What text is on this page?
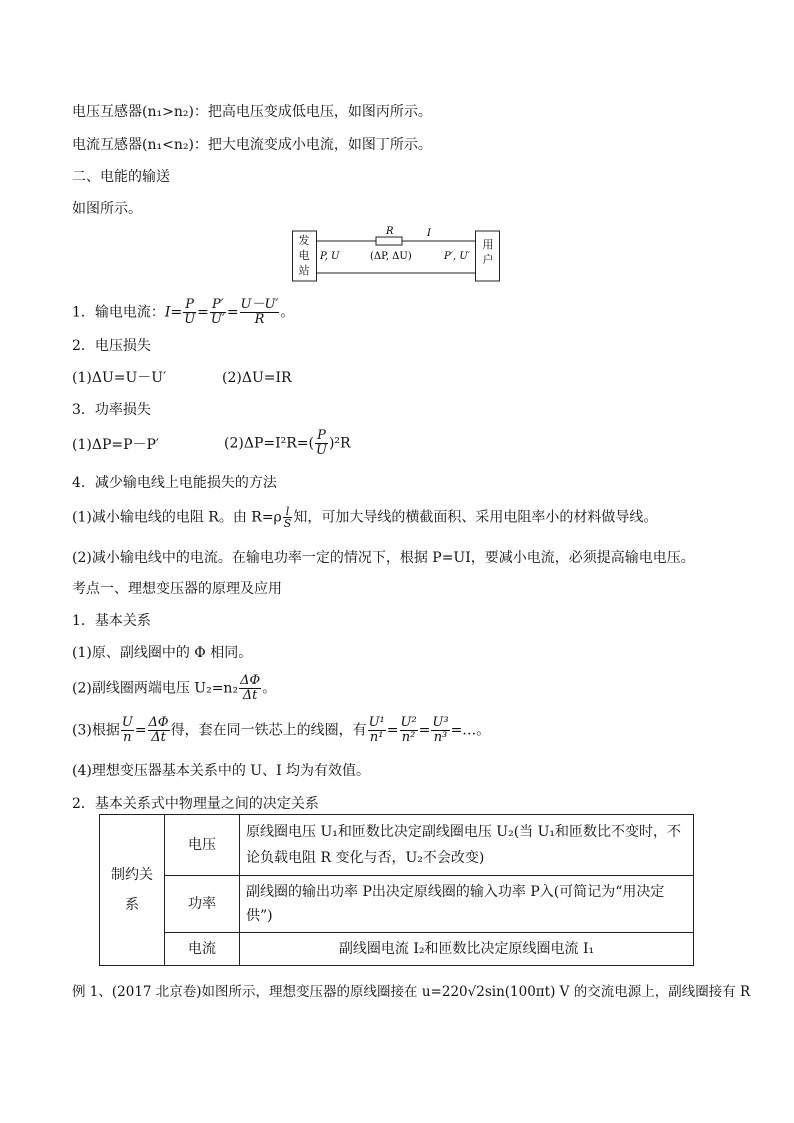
电压互感器(n₁>n₂)：把高电压变成低电压，如图丙所示。
电流互感器(n₁<n₂)：把大电流变成小电流，如图丁所示。
二、电能的输送
如图所示。
发电站
用户
R	I
P, U	(ΔP, ΔU)	P′, U′
1．输电电流：$I= \frac{P}{U} = \frac{P'}{U'} = \frac{U-U'}{R}$ 。
2．电压损失
(1)ΔU=U－U′	(2)ΔU=IR
3．功率损失
(1)ΔP=P－P′	$(2)\Delta P=I^2R=( \frac{P}{U} )^2R$
4．减少输电线上电能损失的方法
(1)减小输电线的电阻 R。由 $R=\rho \frac{l}{S}$ 知，可加大导线的横截面积、采用电阻率小的材料做导线。
(2)减小输电线中的电流。在输电功率一定的情况下，根据 P=UI，要减小电流，必须提高输电电压。
考点一、理想变压器的原理及应用
1．基本关系
(1)原、副线圈中的 Φ 相同。
(2)副线圈两端电压 $U_2=n_2 \frac{\Delta\Phi}{\Delta t}$ 。
(3)根据 $\frac{U}{n} = \frac{\Delta\Phi}{\Delta t}$ 得，套在同一铁芯上的线圈，有 $\frac{\text{U¹}}{\text{n¹}} = \frac{\text{U²}}{\text{n²}} = \frac{\text{U³}}{\text{n³}}$ =…。
(4)理想变压器基本关系中的 U、I 均为有效值。
2．基本关系式中物理量之间的决定关系
制约关系	电压	原线圈电压 U₁和匝数比决定副线圈电压 U₂(当 U₁和匝数比不变时，不论负载电阻 R 变化与否，U₂不会改变)
	功率	副线圈的输出功率 P出决定原线圈的输入功率 P入(可简记为“用决定供”)
	电流	副线圈电流 I₂和匝数比决定原线圈电流 I₁
例 1、(2017 北京卷)如图所示，理想变压器的原线圈接在 u=220√2sin(100πt) V 的交流电源上，副线圈接有 R
